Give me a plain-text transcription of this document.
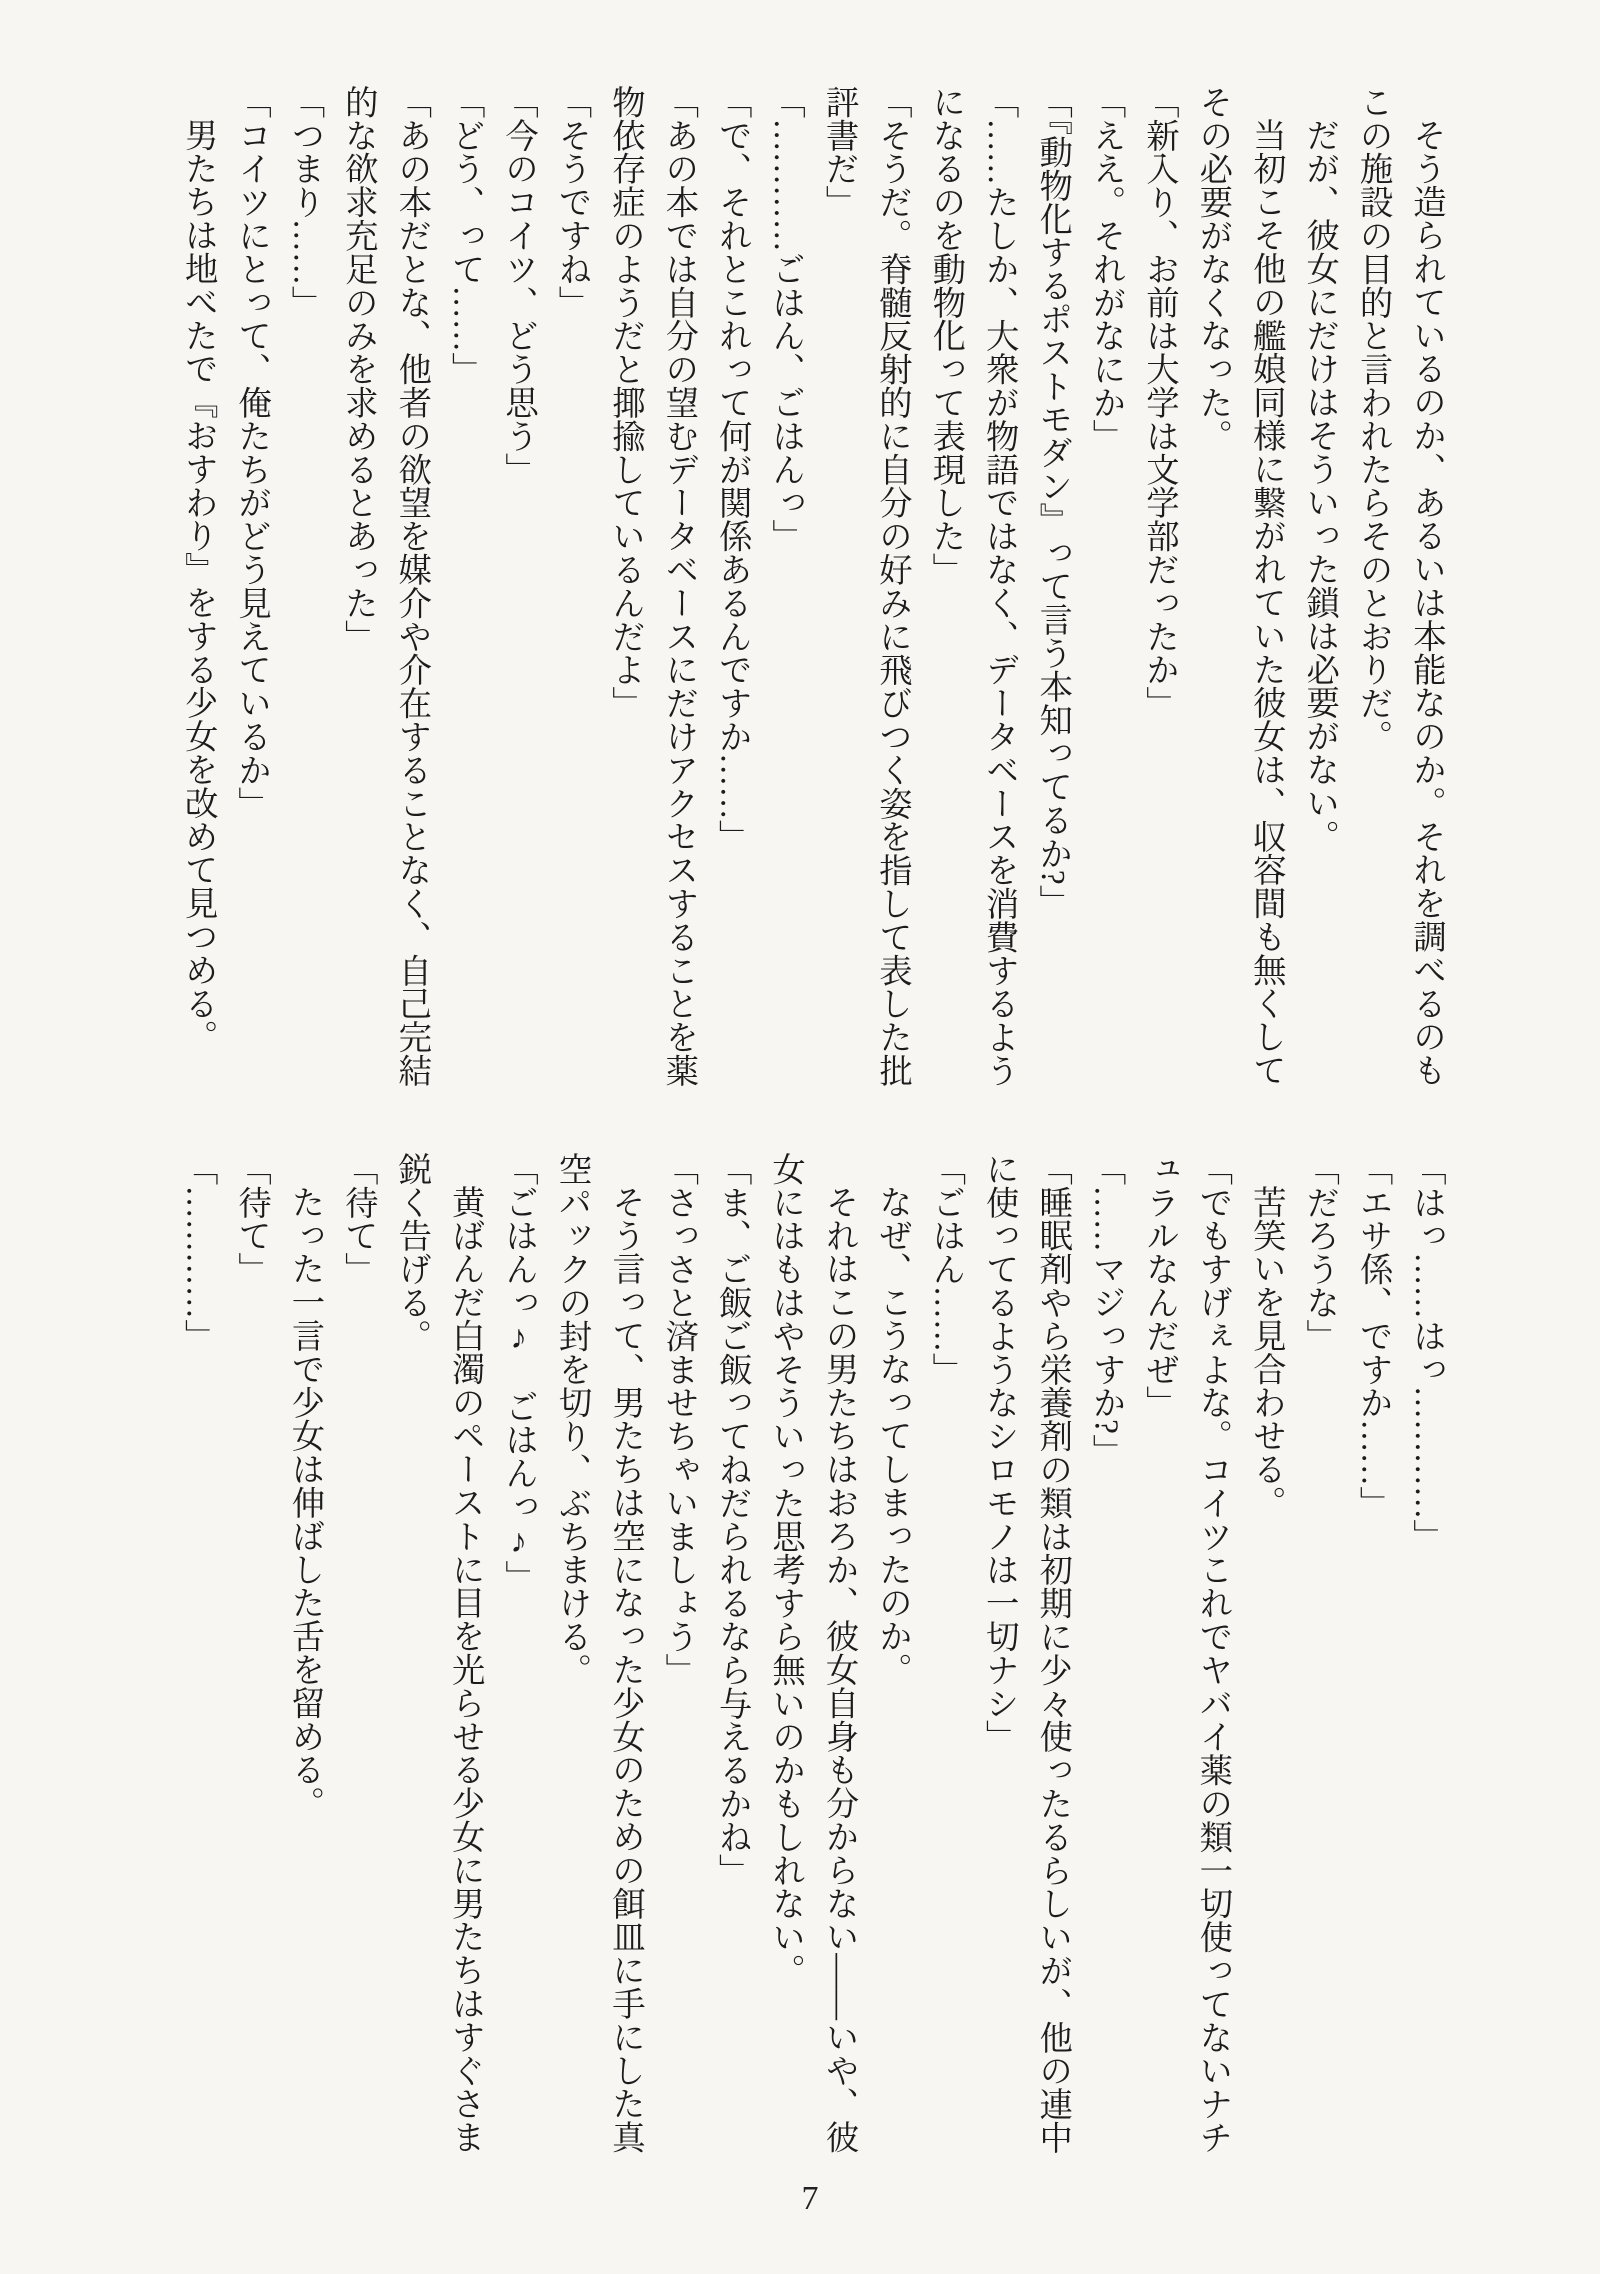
そう造られているのか、あるいは本能なのか。それを調べるのも
この施設の目的と言われたらそのとおりだ。
だが、彼女にだけはそういった鎖は必要がない。
当初こそ他の艦娘同様に繋がれていた彼女は、収容間も無くして
その必要がなくなった。
「新入り、お前は大学は文学部だったか」
「ええ。それがなにか」
「『動物化するポストモダン』って言う本知ってるか?」
「……たしか、大衆が物語ではなく、データベースを消費するよう
になるのを動物化って表現した」
「そうだ。脊髄反射的に自分の好みに飛びつく姿を指して表した批
評書だ」
「…………ごはん、ごはんっ」
「で、それとこれって何が関係あるんですか……」
「あの本では自分の望むデータベースにだけアクセスすることを薬
物依存症のようだと揶揄しているんだよ」
「そうですね」
「今のコイツ、どう思う」
「どう、って……」
「あの本だとな、他者の欲望を媒介や介在することなく、自己完結
的な欲求充足のみを求めるとあった」
「つまり……」
「コイツにとって、俺たちがどう見えているか」
男たちは地べたで『おすわり』をする少女を改めて見つめる。
「はっ……はっ…………」
「エサ係、ですか……」
「だろうな」
苦笑いを見合わせる。
「でもすげぇよな。コイツこれでヤバイ薬の類一切使ってないナチ
ュラルなんだぜ」
「……マジっすか?」
「睡眠剤やら栄養剤の類は初期に少々使ったるらしいが、他の連中
に使ってるようなシロモノは一切ナシ」
「ごはん……」
なぜ、こうなってしまったのか。
それはこの男たちはおろか、彼女自身も分からない——いや、彼
女にはもはやそういった思考すら無いのかもしれない。
「ま、ご飯ご飯ってねだられるなら与えるかね」
「さっさと済ませちゃいましょう」
そう言って、男たちは空になった少女のための餌皿に手にした真
空パックの封を切り、ぶちまける。
「ごはんっ♪　ごはんっ♪」
黄ばんだ白濁のペーストに目を光らせる少女に男たちはすぐさま
鋭く告げる。
「待て」
たった一言で少女は伸ばした舌を留める。
「待て」
「…………」
7
